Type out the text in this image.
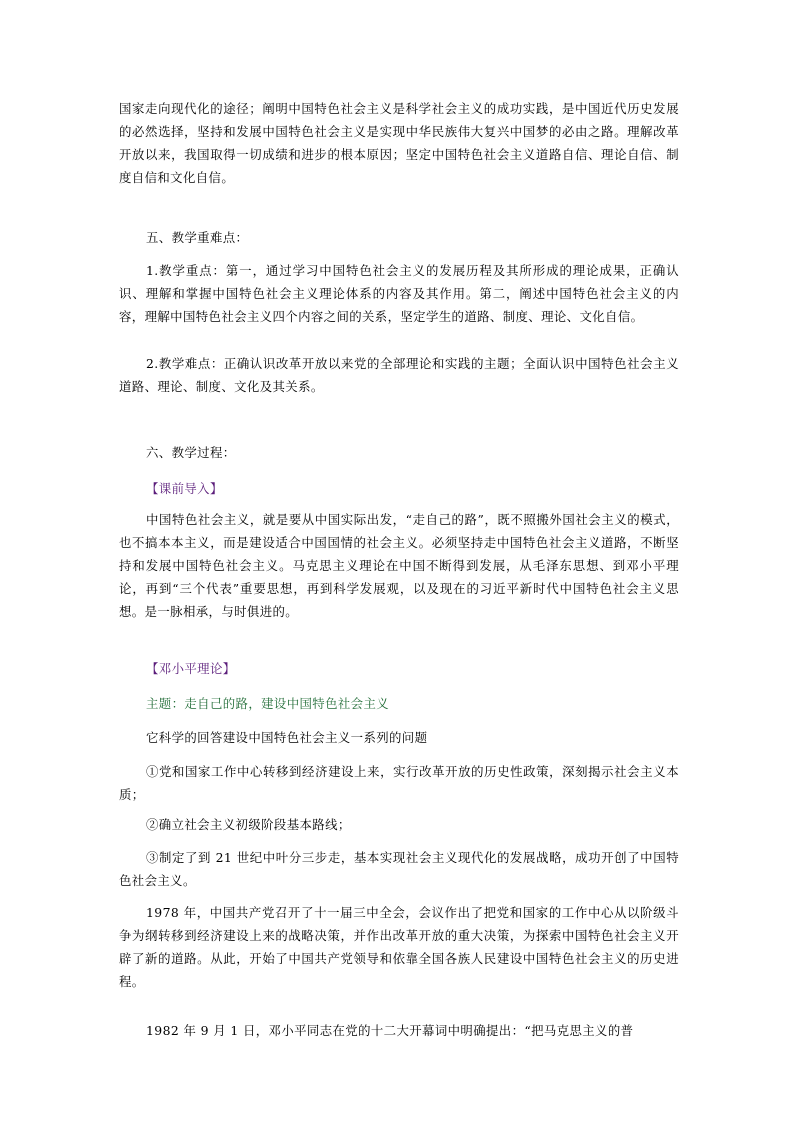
国家走向现代化的途径；阐明中国特色社会主义是科学社会主义的成功实践，是中国近代历史发展的必然选择，坚持和发展中国特色社会主义是实现中华民族伟大复兴中国梦的必由之路。理解改革开放以来，我国取得一切成绩和进步的根本原因；坚定中国特色社会主义道路自信、理论自信、制度自信和文化自信。

五、教学重难点：

1.教学重点：第一，通过学习中国特色社会主义的发展历程及其所形成的理论成果，正确认识、理解和掌握中国特色社会主义理论体系的内容及其作用。第二，阐述中国特色社会主义的内容，理解中国特色社会主义四个内容之间的关系，坚定学生的道路、制度、理论、文化自信。

2.教学难点：正确认识改革开放以来党的全部理论和实践的主题；全面认识中国特色社会主义道路、理论、制度、文化及其关系。

六、教学过程：

【课前导入】

中国特色社会主义，就是要从中国实际出发，“走自己的路”，既不照搬外国社会主义的模式，也不搞本本主义，而是建设适合中国国情的社会主义。必须坚持走中国特色社会主义道路，不断坚持和发展中国特色社会主义。马克思主义理论在中国不断得到发展，从毛泽东思想、到邓小平理论，再到“三个代表”重要思想，再到科学发展观，以及现在的习近平新时代中国特色社会主义思想。是一脉相承，与时俱进的。

【邓小平理论】

主题：走自己的路，建设中国特色社会主义

它科学的回答建设中国特色社会主义一系列的问题

①党和国家工作中心转移到经济建设上来，实行改革开放的历史性政策，深刻揭示社会主义本质；

②确立社会主义初级阶段基本路线；

③制定了到 21 世纪中叶分三步走，基本实现社会主义现代化的发展战略，成功开创了中国特色社会主义。

1978 年，中国共产党召开了十一届三中全会，会议作出了把党和国家的工作中心从以阶级斗争为纲转移到经济建设上来的战略决策，并作出改革开放的重大决策，为探索中国特色社会主义开辟了新的道路。从此，开始了中国共产党领导和依靠全国各族人民建设中国特色社会主义的历史进程。

1982 年 9 月 1 日，邓小平同志在党的十二大开幕词中明确提出：“把马克思主义的普
